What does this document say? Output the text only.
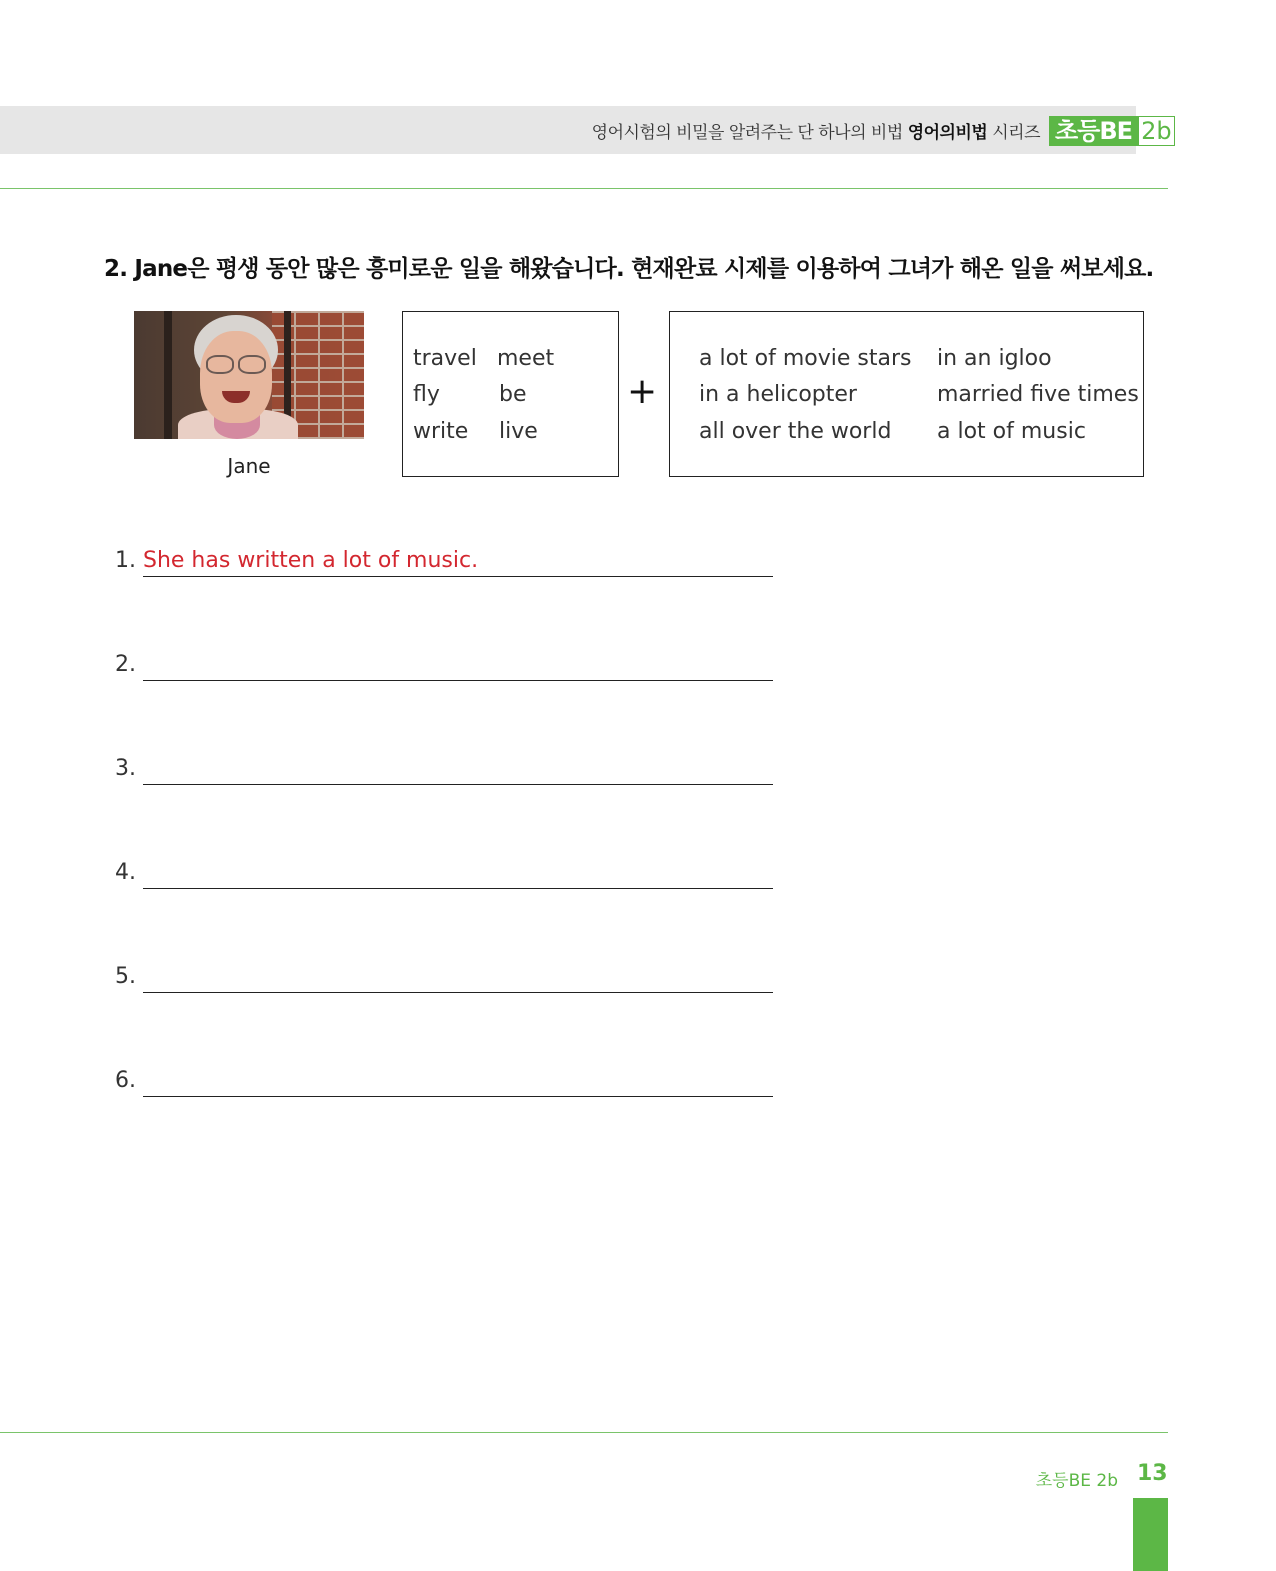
영어시험의 비밀을 알려주는 단 하나의 비법 영어의비법 시리즈 초등BE 2b
2. Jane은 평생 동안 많은 흥미로운 일을 해왔습니다. 현재완료 시제를 이용하여 그녀가 해온 일을 써보세요.
Jane
travel meet
fly	be
write live
+
a lot of movie stars in an igloo
in a helicopter	married five times
all over the world a lot of music
1. She has written a lot of music.
2.
3.
4.
5.
6.
초등BE 2b 13
